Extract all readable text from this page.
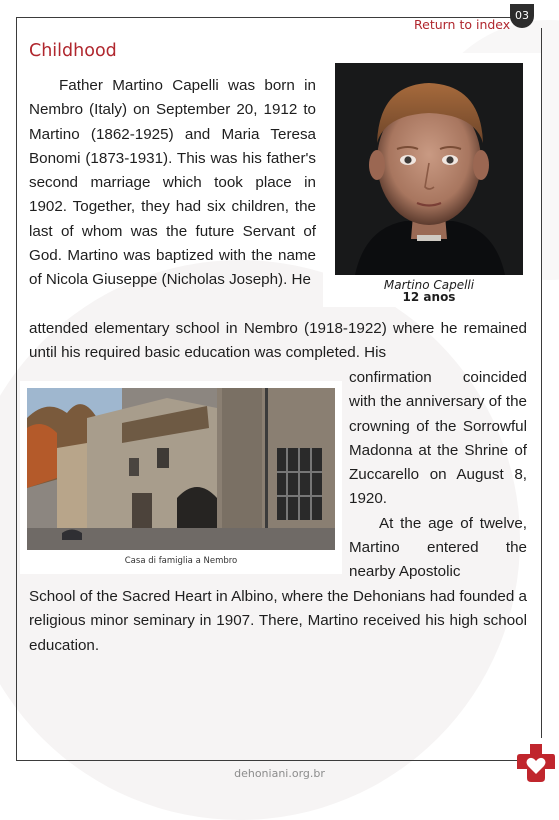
03
Return to index
Childhood

Father Martino Capelli was born in Nembro (Italy) on September 20, 1912 to Martino (1862-1925) and Maria Teresa Bonomi (1873-1931). This was his father's second marriage which took place in 1902. Together, they had six children, the last of whom was the future Servant of God. Martino was baptized with the name of Nicola Giuseppe (Nicholas Joseph). He

attended elementary school in Nembro (1918-1922) where he remained until his required basic education was completed. His

confirmation coincided with the anniversary of the crowning of the Sorrowful Madonna at the Shrine of Zuccarello on August 8, 1920.

At the age of twelve, Martino entered the nearby Apostolic

School of the Sacred Heart in Albino, where the Dehonians had founded a religious minor seminary in 1907. There, Martino received his high school education.

Martino Capelli
12 anos
Casa di famiglia a Nembro
dehoniani.org.br
